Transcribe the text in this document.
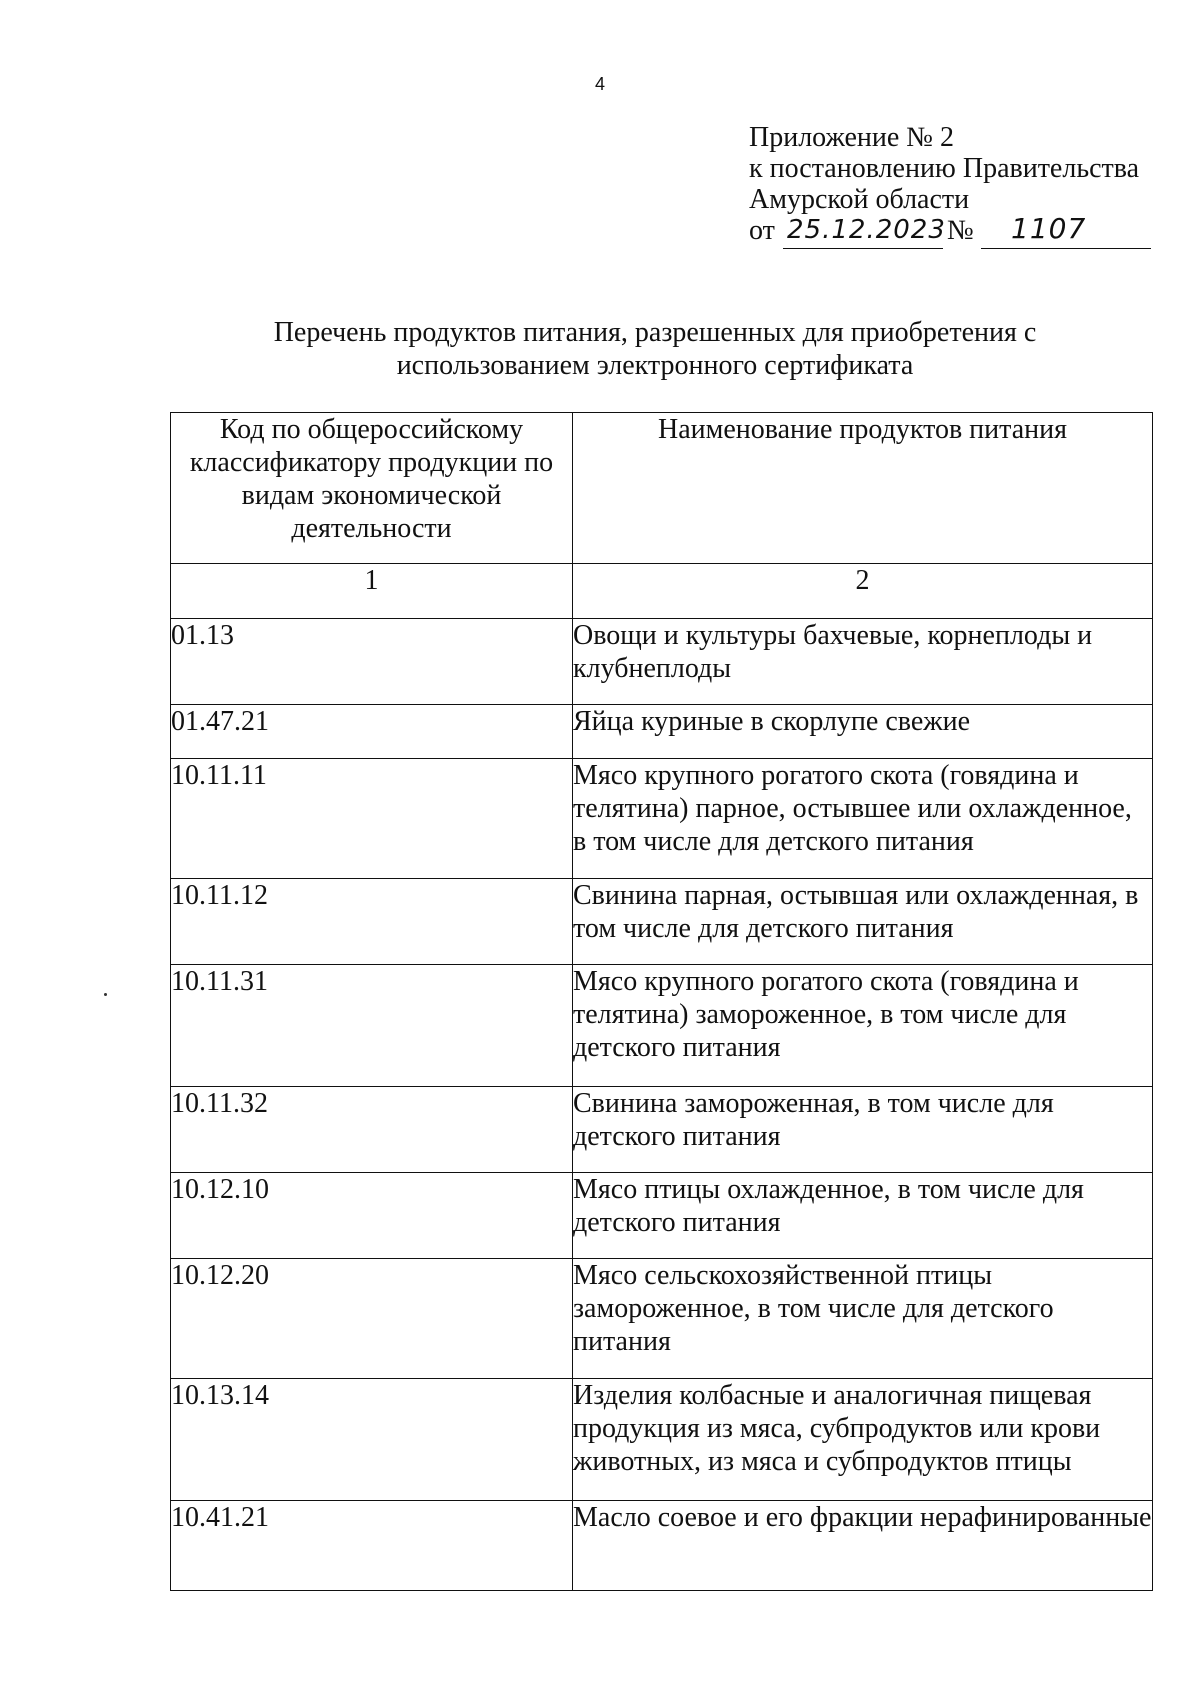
4
Приложение № 2
к постановлению Правительства
Амурской области
от 25.12.2023 № 1107
Перечень продуктов питания, разрешенных для приобретения с
использованием электронного сертификата
Код по общероссийскому классификатору продукции по видам экономической деятельности	Наименование продуктов питания
1	2
01.13	Овощи и культуры бахчевые, корнеплоды и клубнеплоды
01.47.21	Яйца куриные в скорлупе свежие
10.11.11	Мясо крупного рогатого скота (говядина и телятина) парное, остывшее или охлажденное, в том числе для детского питания
10.11.12	Свинина парная, остывшая или охлажденная, в том числе для детского питания
10.11.31	Мясо крупного рогатого скота (говядина и телятина) замороженное, в том числе для детского питания
10.11.32	Свинина замороженная, в том числе для детского питания
10.12.10	Мясо птицы охлажденное, в том числе для детского питания
10.12.20	Мясо сельскохозяйственной птицы замороженное, в том числе для детского питания
10.13.14	Изделия колбасные и аналогичная пищевая продукция из мяса, субпродуктов или крови животных, из мяса и субпродуктов птицы
10.41.21	Масло соевое и его фракции нерафинированные
